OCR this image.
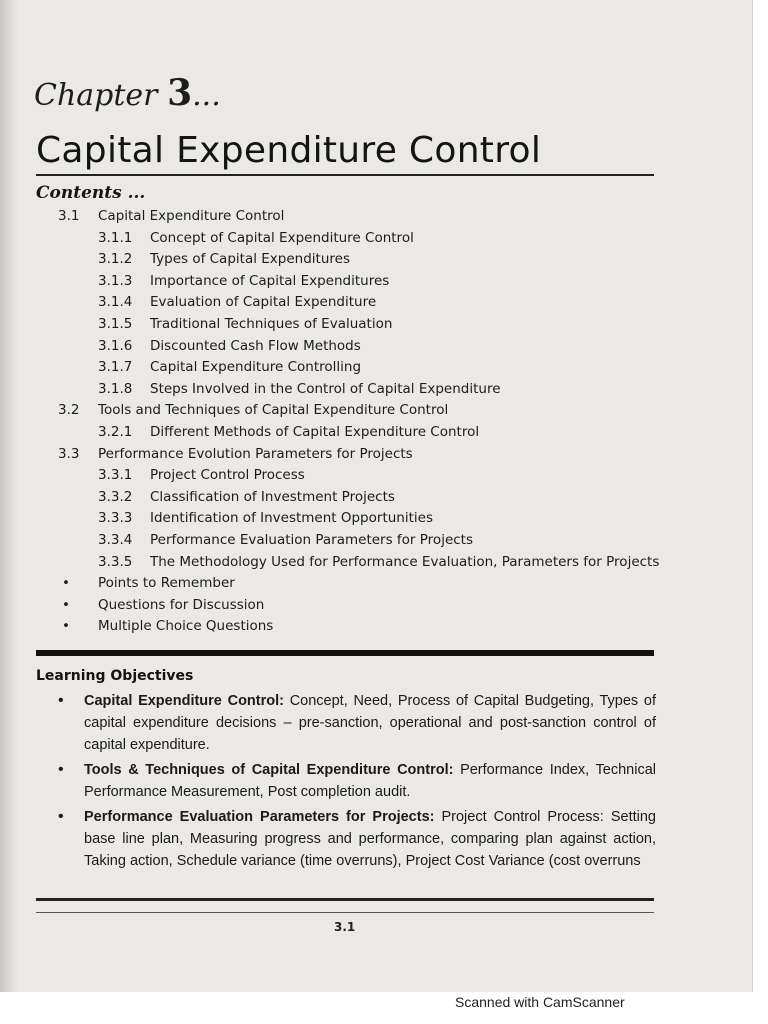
Chapter 3...
Capital Expenditure Control
Contents ...
3.1 Capital Expenditure Control
3.1.1 Concept of Capital Expenditure Control
3.1.2 Types of Capital Expenditures
3.1.3 Importance of Capital Expenditures
3.1.4 Evaluation of Capital Expenditure
3.1.5 Traditional Techniques of Evaluation
3.1.6 Discounted Cash Flow Methods
3.1.7 Capital Expenditure Controlling
3.1.8 Steps Involved in the Control of Capital Expenditure
3.2 Tools and Techniques of Capital Expenditure Control
3.2.1 Different Methods of Capital Expenditure Control
3.3 Performance Evolution Parameters for Projects
3.3.1 Project Control Process
3.3.2 Classification of Investment Projects
3.3.3 Identification of Investment Opportunities
3.3.4 Performance Evaluation Parameters for Projects
3.3.5 The Methodology Used for Performance Evaluation, Parameters for Projects
• Points to Remember
• Questions for Discussion
• Multiple Choice Questions
Learning Objectives
• Capital Expenditure Control: Concept, Need, Process of Capital Budgeting, Types of capital expenditure decisions – pre-sanction, operational and post-sanction control of capital expenditure.
• Tools & Techniques of Capital Expenditure Control: Performance Index, Technical Performance Measurement, Post completion audit.
• Performance Evaluation Parameters for Projects: Project Control Process: Setting base line plan, Measuring progress and performance, comparing plan against action, Taking action, Schedule variance (time overruns), Project Cost Variance (cost overruns
3.1
Scanned with CamScanner
